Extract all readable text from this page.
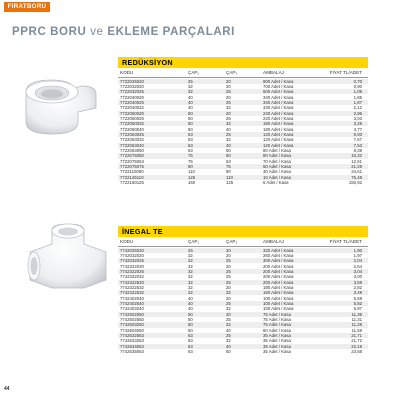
FIRATBORU
PPRC BORU ve EKLEME PARÇALARI
REDÜKSİYON
KODU	ÇAP₁	ÇAP₂	AMBALAJ	FİYAT TL/ADET
7722025020	25	20	900 Adet / Kasa	0,70
7722032020	32	20	700 Adet / Kasa	0,90
7722032025	32	25	600 Adet / Kasa	1,09
7722040020	40	20	340 Adet / Kasa	1,85
7722040025	40	25	340 Adet / Kasa	1,87
7722040032	40	32	330 Adet / Kasa	2,12
7722050020	50	20	240 Adet / Kasa	2,96
7722050025	50	25	220 Adet / Kasa	3,03
7722050032	50	32	180 Adet / Kasa	3,29
7722050040	50	40	180 Adet / Kasa	3,77
7722063025	63	25	120 Adet / Kasa	6,93
7722063032	63	32	120 Adet / Kasa	7,67
7722063040	63	40	120 Adet / Kasa	7,53
7722063050	63	50	80 Adet / Kasa	8,39
7722075050	75	50	80 Adet / Kasa	10,32
7722075063	75	63	70 Adet / Kasa	12,61
7722075075	90	75	50 Adet / Kasa	21,29
7722110090	110	90	30 Adet / Kasa	34,61
7722125110	125	110	10 Adet / Kasa	75,48
7722160125	160	125	6 Adet / Kasa	150,92
İNEGAL TE
KODU	ÇAP₁	ÇAP₂	AMBALAJ	FİYAT TL/ADET
7742025020	25	20	320 Adet / Kasa	1,90
7742032020	32	20	260 Adet / Kasa	1,97
7742032025	32	25	300 Adet / Kasa	2,04
7742322020	32	20	200 Adet / Kasa	2,54
7742322025	32	25	200 Adet / Kasa	3,04
7742322032	32	25	200 Adet / Kasa	3,00
7742322520	32	25	200 Adet / Kasa	3,59
7742322532	32	20	180 Adet / Kasa	2,82
7742322532	32	32	160 Adet / Kasa	3,49
7742402040	40	20	100 Adet / Kasa	5,58
7742402540	40	25	100 Adet / Kasa	5,82
7742403240	40	32	100 Adet / Kasa	5,97
7742502050	50	20	75 Adet / Kasa	11,36
7742502550	50	25	75 Adet / Kasa	11,31
7742503250	50	32	75 Adet / Kasa	11,28
7742504050	50	40	60 Adet / Kasa	11,59
7742632563	63	25	35 Adet / Kasa	21,71
7742633263	63	32	35 Adet / Kasa	21,72
7742634063	63	40	35 Adet / Kasa	22,19
7742635063	63	50	35 Adet / Kasa	23,58
44
